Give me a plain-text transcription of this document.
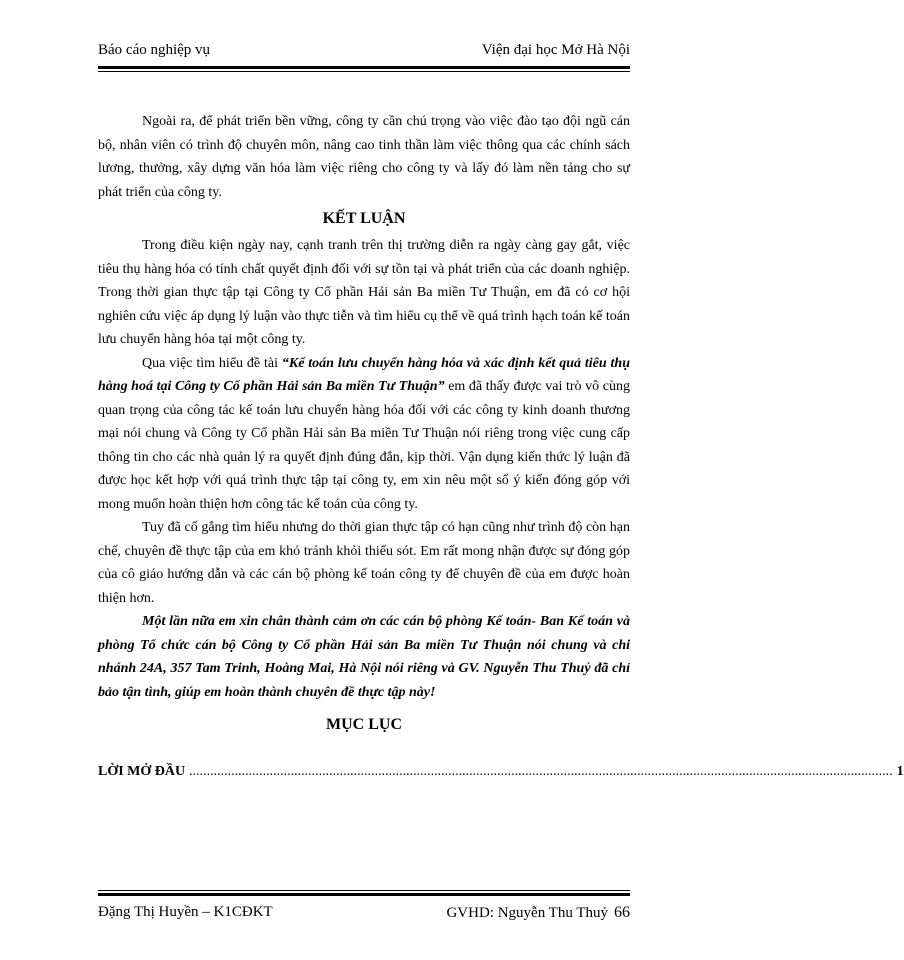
Báo cáo nghiệp vụ	Viện đại học Mở Hà Nội

Ngoài ra, để phát triển bền vững, công ty cần chú trọng vào việc đào tạo đội ngũ cán bộ, nhân viên có trình độ chuyên môn, nâng cao tinh thần làm việc thông qua các chính sách lương, thưởng, xây dựng văn hóa làm việc riêng cho công ty và lấy đó làm nền tảng cho sự phát triển của công ty.

KẾT LUẬN

Trong điều kiện ngày nay, cạnh tranh trên thị trường diễn ra ngày càng gay gắt, việc tiêu thụ hàng hóa có tính chất quyết định đối với sự tồn tại và phát triển của các doanh nghiệp. Trong thời gian thực tập tại Công ty Cổ phần Hải sản Ba miền Tư Thuận, em đã có cơ hội nghiên cứu việc áp dụng lý luận vào thực tiễn và tìm hiểu cụ thể về quá trình hạch toán kế toán lưu chuyển hàng hóa tại một công ty.

Qua việc tìm hiểu đề tài “Kế toán lưu chuyển hàng hóa và xác định kết quả tiêu thụ hàng hoá tại Công ty Cổ phần Hải sản Ba miền Tư Thuận” em đã thấy được vai trò vô cùng quan trọng của công tác kế toán lưu chuyển hàng hóa đối với các công ty kinh doanh thương mại nói chung và Công ty Cổ phần Hải sản Ba miền Tư Thuận nói riêng trong việc cung cấp thông tin cho các nhà quản lý ra quyết định đúng đắn, kịp thời. Vận dụng kiến thức lý luận đã được học kết hợp với quá trình thực tập tại công ty, em xin nêu một số ý kiến đóng góp với mong muốn hoàn thiện hơn công tác kế toán của công ty.

Tuy đã cố gắng tìm hiểu nhưng do thời gian thực tập có hạn cũng như trình độ còn hạn chế, chuyên đề thực tập của em khó tránh khỏi thiếu sót. Em rất mong nhận được sự đóng góp của cô giáo hướng dẫn và các cán bộ phòng kế toán công ty để chuyên đề của em được hoàn thiện hơn.

Một lần nữa em xin chân thành cảm ơn các cán bộ phòng Kế toán- Ban Kế toán và phòng Tổ chức cán bộ Công ty Cổ phần Hải sản Ba miền Tư Thuận nói chung và chi nhánh 24A, 357 Tam Trinh, Hoàng Mai, Hà Nội nói riêng và GV. Nguyễn Thu Thuỷ đã chỉ bảo tận tình, giúp em hoàn thành chuyên đề thực tập này!

MỤC LỤC

LỜI MỞ ĐẦU ......................................................................................................................................................................................................... 1
Đặng Thị Huyền – K1CĐKT	GVHD: Nguyễn Thu Thuỷ 66
